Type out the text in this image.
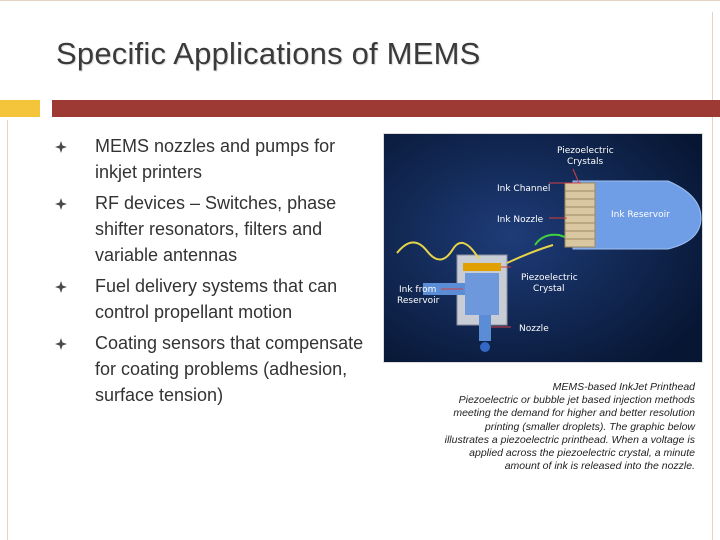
Specific Applications of MEMS
MEMS nozzles and pumps for inkjet printers
RF devices – Switches, phase shifter resonators, filters and variable antennas
Fuel delivery systems that can control propellant motion
Coating sensors that compensate for coating problems (adhesion, surface tension)
Piezoelectric
Crystals
Ink Channel
Ink Nozzle	Ink Reservoir
Piezoelectric
Crystal
Ink from
Reservoir
Nozzle
MEMS-based InkJet Printhead
Piezoelectric or bubble jet based injection methods
meeting the demand for higher and better resolution
printing (smaller droplets). The graphic below
illustrates a piezoelectric printhead. When a voltage is
applied across the piezoelectric crystal, a minute
amount of ink is released into the nozzle.
